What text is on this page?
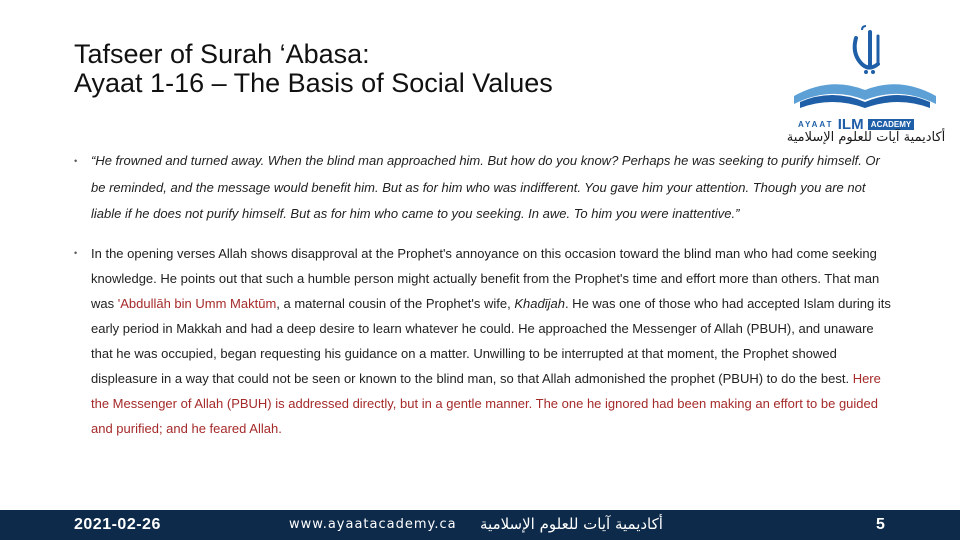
Tafseer of Surah ‘Abasa:
Ayaat 1-16 – The Basis of Social Values
AYAAT ILM ACADEMY
أكاديمية آيات للعلوم الإسلامية
• “He frowned and turned away. When the blind man approached him. But how do you know? Perhaps he was seeking to purify himself. Or be reminded, and the message would benefit him. But as for him who was indifferent. You gave him your attention. Though you are not liable if he does not purify himself. But as for him who came to you seeking. In awe. To him you were inattentive.”
• In the opening verses Allah shows disapproval at the Prophet's annoyance on this occasion toward the blind man who had come seeking knowledge. He points out that such a humble person might actually benefit from the Prophet's time and effort more than others. That man was 'Abdullāh bin Umm Maktūm, a maternal cousin of the Prophet's wife, Khadījah. He was one of those who had accepted Islam during its early period in Makkah and had a deep desire to learn whatever he could. He approached the Messenger of Allah (PBUH), and unaware that he was occupied, began requesting his guidance on a matter. Unwilling to be interrupted at that moment, the Prophet showed displeasure in a way that could not be seen or known to the blind man, so that Allah admonished the prophet (PBUH) to do the best. Here the Messenger of Allah (PBUH) is addressed directly, but in a gentle manner. The one he ignored had been making an effort to be guided and purified; and he feared Allah.
2021-02-26	www.ayaatacademy.ca أكاديمية آيات للعلوم الإسلامية	5
